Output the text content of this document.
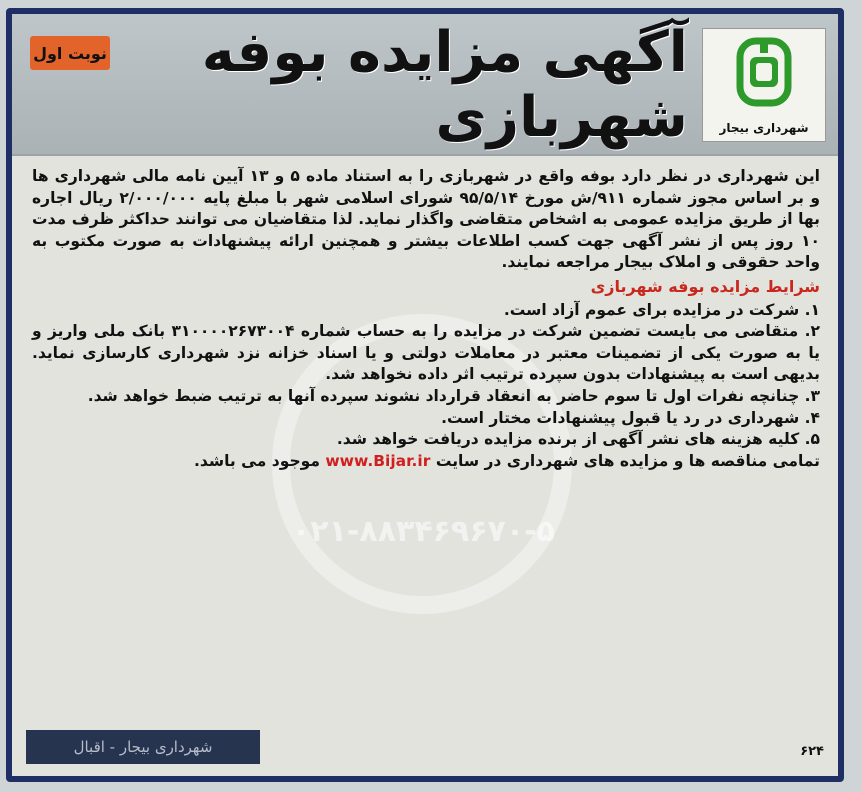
نوبت اول	آگهی مزایده بوفه شهربازی	شهرداری بیجار
۰۲۱-۸۸۳۴۶۹۶۷۰-۵

این شهرداری در نظر دارد بوفه واقع در شهربازی را به استناد ماده ۵ و ۱۳ آیین نامه مالی شهرداری ها و بر اساس مجوز شماره ۹۱۱/ش مورخ ۹۵/۵/۱۴ شورای اسلامی شهر با مبلغ پایه ۲/۰۰۰/۰۰۰ ریال اجاره بها از طریق مزایده عمومی به اشخاص متقاضی واگذار نماید. لذا متقاضیان می توانند حداکثر ظرف مدت ۱۰ روز پس از نشر آگهی جهت کسب اطلاعات بیشتر و همچنین ارائه پیشنهادات به صورت مکتوب به واحد حقوقی و املاک بیجار مراجعه نمایند.

شرایط مزایده بوفه شهربازی

۱. شرکت در مزایده برای عموم آزاد است.

۲. متقاضی می بایست تضمین شرکت در مزایده را به حساب شماره ۳۱۰۰۰۰۲۶۷۳۰۰۴ بانک ملی واریز و یا به صورت یکی از تضمینات معتبر در معاملات دولتی و یا اسناد خزانه نزد شهرداری کارسازی نماید. بدیهی است به پیشنهادات بدون سپرده ترتیب اثر داده نخواهد شد.

۳. چنانچه نفرات اول تا سوم حاضر به انعقاد قرارداد نشوند سپرده آنها به ترتیب ضبط خواهد شد.

۴. شهرداری در رد یا قبول پیشنهادات مختار است.

۵. کلیه هزینه های نشر آگهی از برنده مزایده دریافت خواهد شد.

تمامی مناقصه ها و مزایده های شهرداری در سایت www.Bijar.ir موجود می باشد.

شهرداری بیجار - اقبال	۶۲۴
